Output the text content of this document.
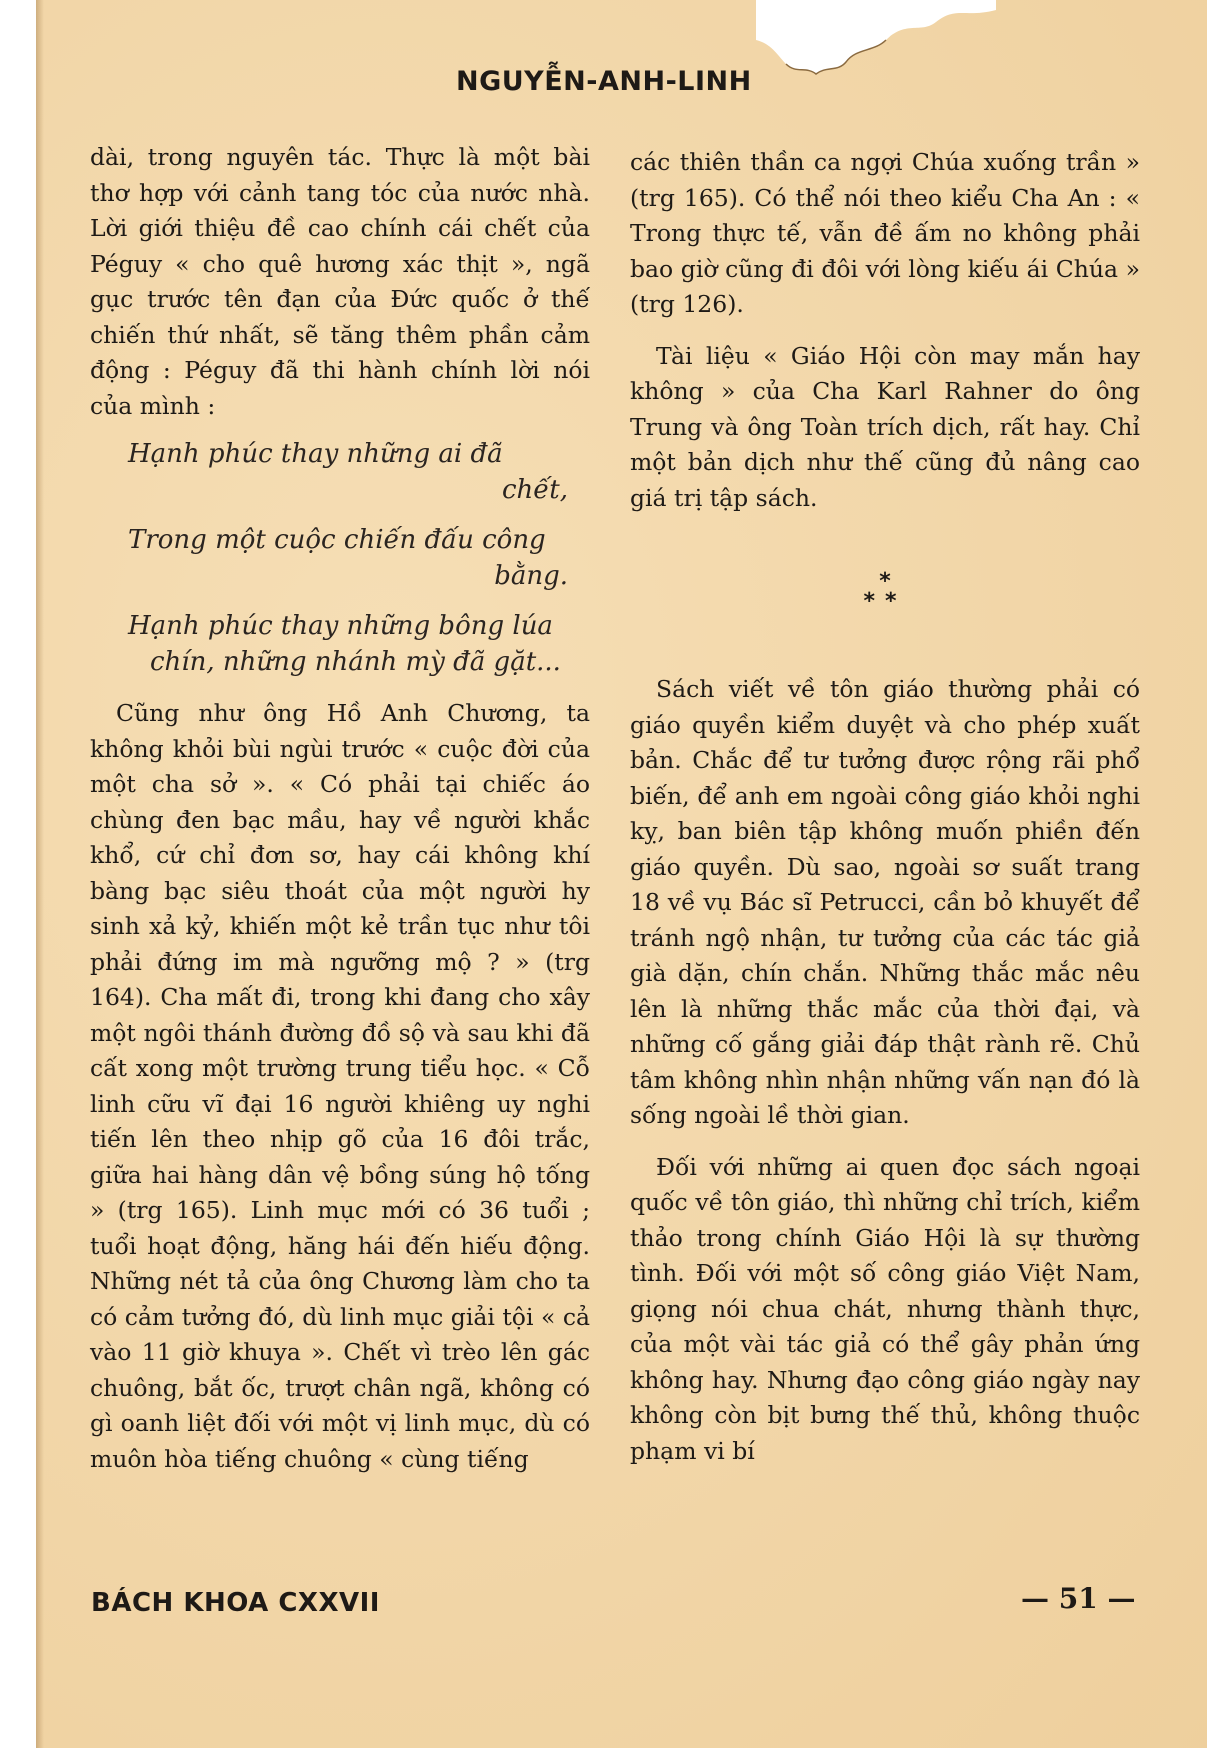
NGUYỄN-ANH-LINH

dài, trong nguyên tác. Thực là một bài thơ hợp với cảnh tang tóc của nước nhà. Lời giới thiệu đề cao chính cái chết của Péguy « cho quê hương xác thịt », ngã gục trước tên đạn của Đức quốc ở thế chiến thứ nhất, sẽ tăng thêm phần cảm động : Péguy đã thi hành chính lời nói của mình :

Hạnh phúc thay những ai đã
chết,
Trong một cuộc chiến đấu công
bằng.
Hạnh phúc thay những bông lúa
chín, những nhánh mỳ đã gặt...

Cũng như ông Hồ Anh Chương, ta không khỏi bùi ngùi trước « cuộc đời của một cha sở ». « Có phải tại chiếc áo chùng đen bạc mầu, hay về người khắc khổ, cứ chỉ đơn sơ, hay cái không khí bàng bạc siêu thoát của một người hy sinh xả kỷ, khiến một kẻ trần tục như tôi phải đứng im mà ngưỡng mộ ? » (trg 164). Cha mất đi, trong khi đang cho xây một ngôi thánh đường đồ sộ và sau khi đã cất xong một trường trung tiểu học. « Cỗ linh cữu vĩ đại 16 người khiêng uy nghi tiến lên theo nhịp gõ của 16 đôi trắc, giữa hai hàng dân vệ bồng súng hộ tống » (trg 165). Linh mục mới có 36 tuổi ; tuổi hoạt động, hăng hái đến hiếu động. Những nét tả của ông Chương làm cho ta có cảm tưởng đó, dù linh mục giải tội « cả vào 11 giờ khuya ». Chết vì trèo lên gác chuông, bắt ốc, trượt chân ngã, không có gì oanh liệt đối với một vị linh mục, dù có muôn hòa tiếng chuông « cùng tiếng

các thiên thần ca ngợi Chúa xuống trần » (trg 165). Có thể nói theo kiểu Cha An : « Trong thực tế, vẫn đề ấm no không phải bao giờ cũng đi đôi với lòng kiếu ái Chúa » (trg 126).

Tài liệu « Giáo Hội còn may mắn hay không » của Cha Karl Rahner do ông Trung và ông Toàn trích dịch, rất hay. Chỉ một bản dịch như thế cũng đủ nâng cao giá trị tập sách.

*
**

Sách viết về tôn giáo thường phải có giáo quyền kiểm duyệt và cho phép xuất bản. Chắc để tư tưởng được rộng rãi phổ biến, để anh em ngoài công giáo khỏi nghi kỵ, ban biên tập không muốn phiền đến giáo quyền. Dù sao, ngoài sơ suất trang 18 về vụ Bác sĩ Petrucci, cần bỏ khuyết để tránh ngộ nhận, tư tưởng của các tác giả già dặn, chín chắn. Những thắc mắc nêu lên là những thắc mắc của thời đại, và những cố gắng giải đáp thật rành rẽ. Chủ tâm không nhìn nhận những vấn nạn đó là sống ngoài lề thời gian.

Đối với những ai quen đọc sách ngoại quốc về tôn giáo, thì những chỉ trích, kiểm thảo trong chính Giáo Hội là sự thường tình. Đối với một số công giáo Việt Nam, giọng nói chua chát, nhưng thành thực, của một vài tác giả có thể gây phản ứng không hay. Nhưng đạo công giáo ngày nay không còn bịt bưng thế thủ, không thuộc phạm vi bí

BÁCH KHOA CXXVII	— 51 —
